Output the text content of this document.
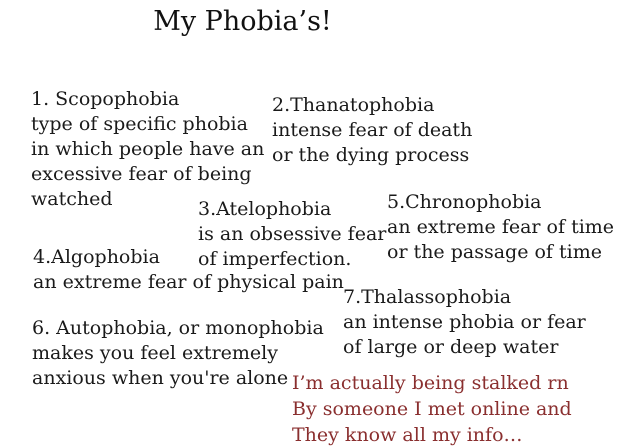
My Phobia’s!
1. Scopophobia
type of specific phobia
in which people have an
excessive fear of being
watched
2.Thanatophobia
intense fear of death
or the dying process
3.Atelophobia
is an obsessive fear
of imperfection.
4.Algophobia
an extreme fear of physical pain
5.Chronophobia
an extreme fear of time
or the passage of time
6. Autophobia, or monophobia
makes you feel extremely
anxious when you're alone
7.Thalassophobia
an intense phobia or fear
of large or deep water
I’m actually being stalked rn
By someone I met online and
They know all my info…
